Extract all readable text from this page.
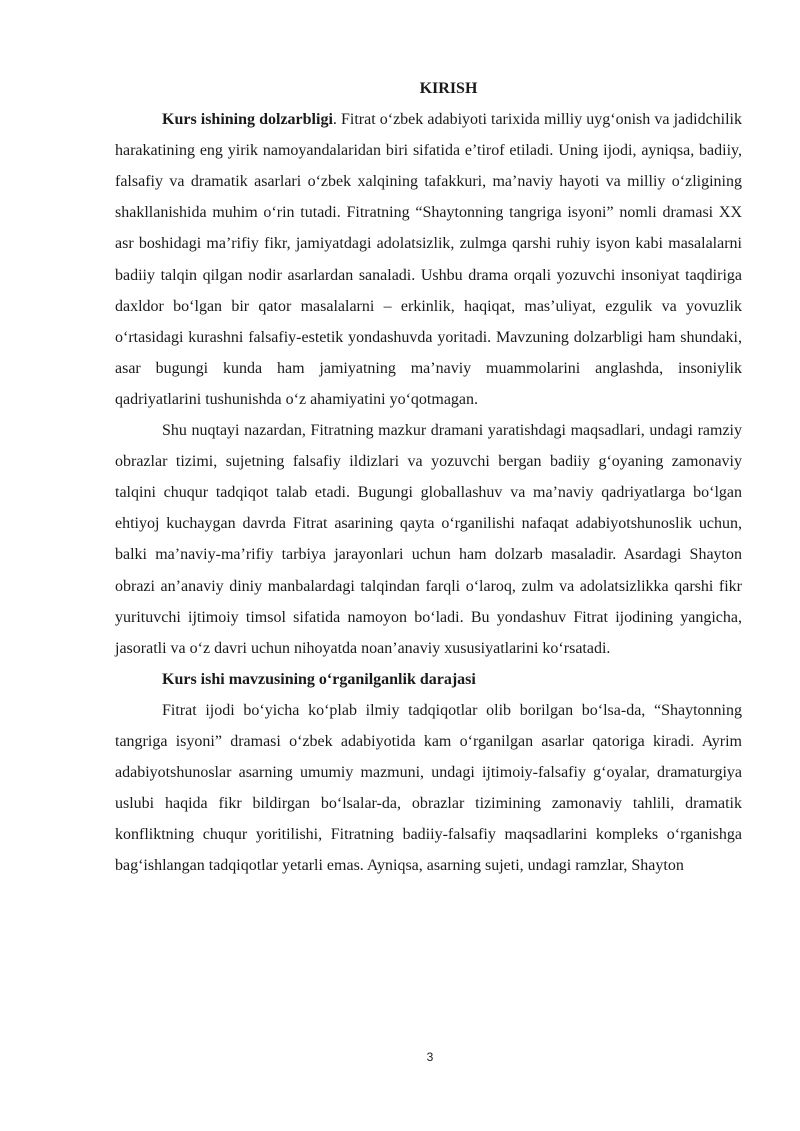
KIRISH

Kurs ishining dolzarbligi. Fitrat o‘zbek adabiyoti tarixida milliy uyg‘onish va jadidchilik harakatining eng yirik namoyandalaridan biri sifatida e’tirof etiladi. Uning ijodi, ayniqsa, badiiy, falsafiy va dramatik asarlari o‘zbek xalqining tafakkuri, ma’naviy hayoti va milliy o‘zligining shakllanishida muhim o‘rin tutadi. Fitratning “Shaytonning tangriga isyoni” nomli dramasi XX asr boshidagi ma’rifiy fikr, jamiyatdagi adolatsizlik, zulmga qarshi ruhiy isyon kabi masalalarni badiiy talqin qilgan nodir asarlardan sanaladi. Ushbu drama orqali yozuvchi insoniyat taqdiriga daxldor bo‘lgan bir qator masalalarni – erkinlik, haqiqat, mas’uliyat, ezgulik va yovuzlik o‘rtasidagi kurashni falsafiy-estetik yondashuvda yoritadi. Mavzuning dolzarbligi ham shundaki, asar bugungi kunda ham jamiyatning ma’naviy muammolarini anglashda, insoniylik qadriyatlarini tushunishda o‘z ahamiyatini yo‘qotmagan.

Shu nuqtayi nazardan, Fitratning mazkur dramani yaratishdagi maqsadlari, undagi ramziy obrazlar tizimi, sujetning falsafiy ildizlari va yozuvchi bergan badiiy g‘oyaning zamonaviy talqini chuqur tadqiqot talab etadi. Bugungi globallashuv va ma’naviy qadriyatlarga bo‘lgan ehtiyoj kuchaygan davrda Fitrat asarining qayta o‘rganilishi nafaqat adabiyotshunoslik uchun, balki ma’naviy-ma’rifiy tarbiya jarayonlari uchun ham dolzarb masaladir. Asardagi Shayton obrazi an’anaviy diniy manbalardagi talqindan farqli o‘laroq, zulm va adolatsizlikka qarshi fikr yurituvchi ijtimoiy timsol sifatida namoyon bo‘ladi. Bu yondashuv Fitrat ijodining yangicha, jasoratli va o‘z davri uchun nihoyatda noan’anaviy xususiyatlarini ko‘rsatadi.

Kurs ishi mavzusining o‘rganilganlik darajasi

Fitrat ijodi bo‘yicha ko‘plab ilmiy tadqiqotlar olib borilgan bo‘lsa-da, “Shaytonning tangriga isyoni” dramasi o‘zbek adabiyotida kam o‘rganilgan asarlar qatoriga kiradi. Ayrim adabiyotshunoslar asarning umumiy mazmuni, undagi ijtimoiy-falsafiy g‘oyalar, dramaturgiya uslubi haqida fikr bildirgan bo‘lsalar-da, obrazlar tizimining zamonaviy tahlili, dramatik konfliktning chuqur yoritilishi, Fitratning badiiy-falsafiy maqsadlarini kompleks o‘rganishga bag‘ishlangan tadqiqotlar yetarli emas. Ayniqsa, asarning sujeti, undagi ramzlar, Shayton

3
